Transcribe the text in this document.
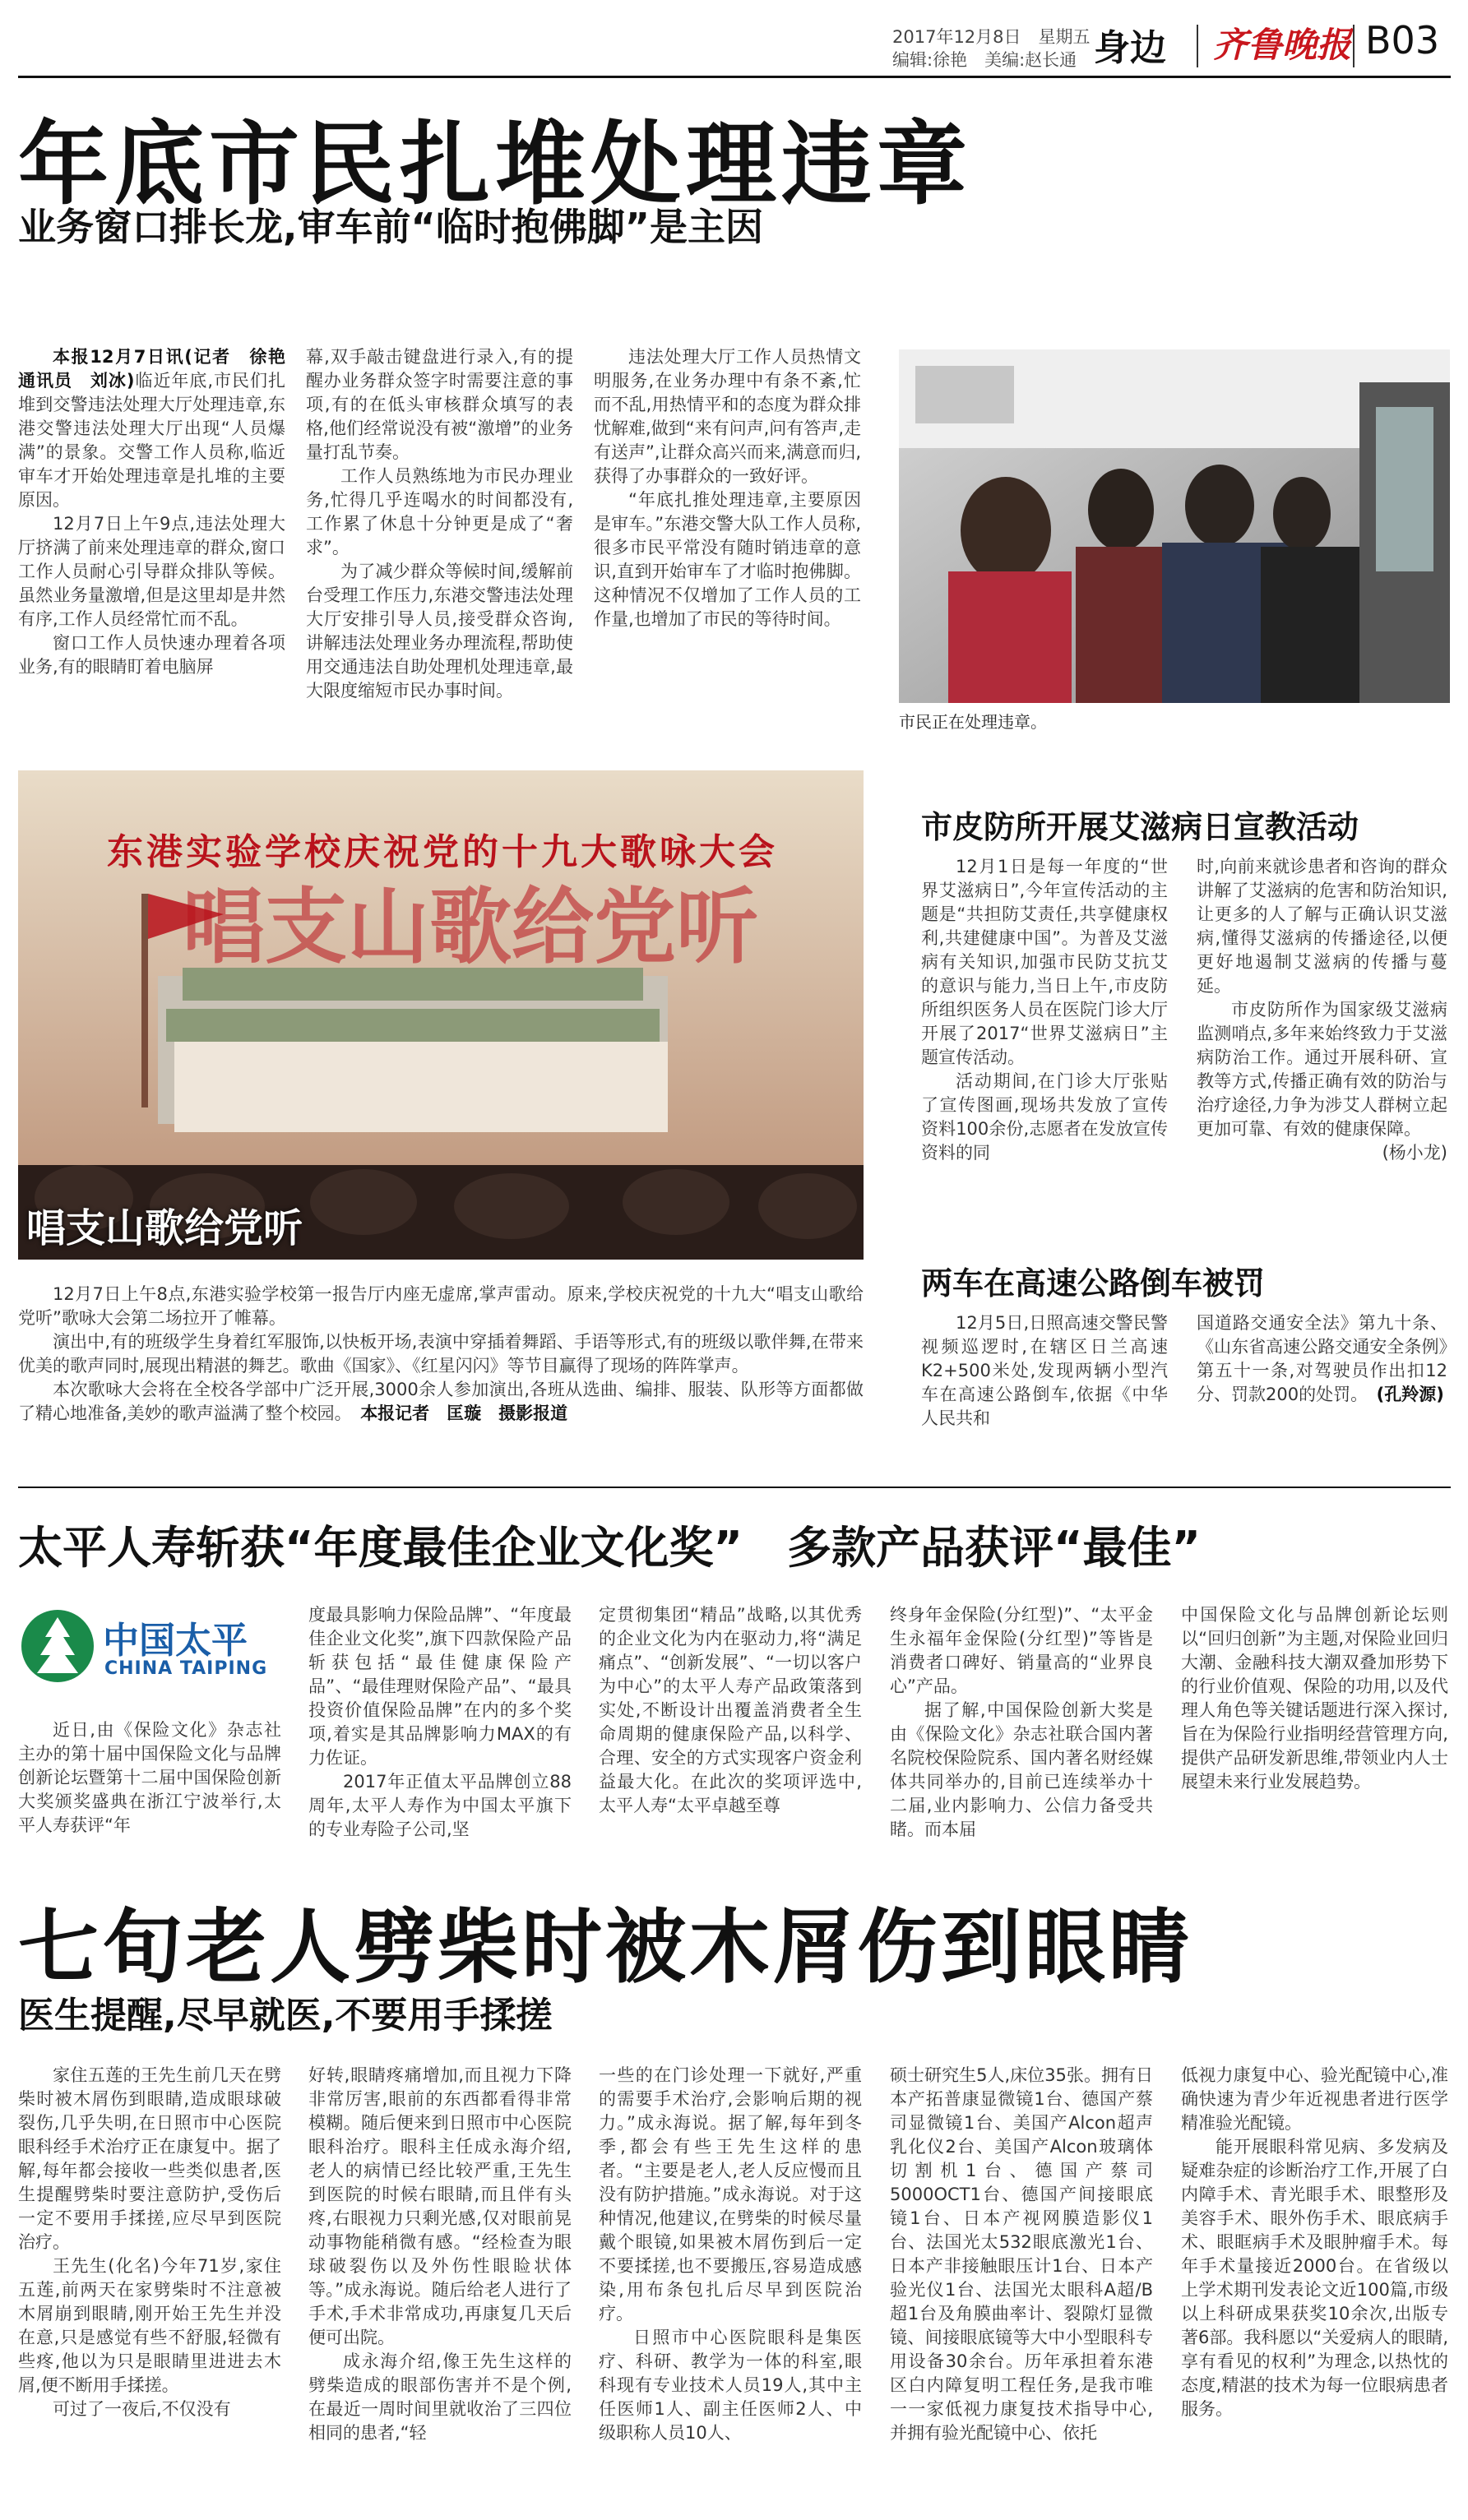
2017年12月8日　星期五
编辑:徐艳　美编:赵长通 身边 齐鲁晚报 B03
年底市民扎堆处理违章
业务窗口排长龙,审车前“临时抱佛脚”是主因

本报12月7日讯(记者　徐艳　通讯员　刘冰)临近年底,市民们扎堆到交警违法处理大厅处理违章,东港交警违法处理大厅出现“人员爆满”的景象。交警工作人员称,临近审车才开始处理违章是扎堆的主要原因。

12月7日上午9点,违法处理大厅挤满了前来处理违章的群众,窗口工作人员耐心引导群众排队等候。虽然业务量激增,但是这里却是井然有序,工作人员经常忙而不乱。

窗口工作人员快速办理着各项业务,有的眼睛盯着电脑屏

幕,双手敲击键盘进行录入,有的提醒办业务群众签字时需要注意的事项,有的在低头审核群众填写的表格,他们经常说没有被“激增”的业务量打乱节奏。

工作人员熟练地为市民办理业务,忙得几乎连喝水的时间都没有,工作累了休息十分钟更是成了“奢求”。

为了减少群众等候时间,缓解前台受理工作压力,东港交警违法处理大厅安排引导人员,接受群众咨询,讲解违法处理业务办理流程,帮助使用交通违法自助处理机处理违章,最大限度缩短市民办事时间。

违法处理大厅工作人员热情文明服务,在业务办理中有条不紊,忙而不乱,用热情平和的态度为群众排忧解难,做到“来有问声,问有答声,走有送声”,让群众高兴而来,满意而归,获得了办事群众的一致好评。

“年底扎推处理违章,主要原因是审车。”东港交警大队工作人员称,很多市民平常没有随时销违章的意识,直到开始审车了才临时抱佛脚。这种情况不仅增加了工作人员的工作量,也增加了市民的等待时间。

市民正在处理违章。
唱支山歌给党听
东港实验学校庆祝党的十九大歌咏大会
唱支山歌给党听

12月7日上午8点,东港实验学校第一报告厅内座无虚席,掌声雷动。原来,学校庆祝党的十九大“唱支山歌给党听”歌咏大会第二场拉开了帷幕。

演出中,有的班级学生身着红军服饰,以快板开场,表演中穿插着舞蹈、手语等形式,有的班级以歌伴舞,在带来优美的歌声同时,展现出精湛的舞艺。歌曲《国家》、《红星闪闪》等节目赢得了现场的阵阵掌声。

本次歌咏大会将在全校各学部中广泛开展,3000余人参加演出,各班从选曲、编排、服装、队形等方面都做了精心地准备,美妙的歌声溢满了整个校园。　 本报记者　匡璇　摄影报道

市皮防所开展艾滋病日宣教活动

12月1日是每一年度的“世界艾滋病日”,今年宣传活动的主题是“共担防艾责任,共享健康权利,共建健康中国”。为普及艾滋病有关知识,加强市民防艾抗艾的意识与能力,当日上午,市皮防所组织医务人员在医院门诊大厅开展了2017“世界艾滋病日”主题宣传活动。

活动期间,在门诊大厅张贴了宣传图画,现场共发放了宣传资料100余份,志愿者在发放宣传资料的同

时,向前来就诊患者和咨询的群众讲解了艾滋病的危害和防治知识,让更多的人了解与正确认识艾滋病,懂得艾滋病的传播途径,以便更好地遏制艾滋病的传播与蔓延。

市皮防所作为国家级艾滋病监测哨点,多年来始终致力于艾滋病防治工作。通过开展科研、宣教等方式,传播正确有效的防治与治疗途径,力争为涉艾人群树立起更加可靠、有效的健康保障。

(杨小龙)

两车在高速公路倒车被罚

12月5日,日照高速交警民警视频巡逻时,在辖区日兰高速K2+500米处,发现两辆小型汽车在高速公路倒车,依据《中华人民共和

国道路交通安全法》第九十条、《山东省高速公路交通安全条例》第五十一条,对驾驶员作出扣12分、罚款200的处罚。　 (孔羚源)

太平人寿斩获“年度最佳企业文化奖”　多款产品获评“最佳”
中国太平
CHINA TAIPING

近日,由《保险文化》杂志社主办的第十届中国保险文化与品牌创新论坛暨第十二届中国保险创新大奖颁奖盛典在浙江宁波举行,太平人寿获评“年

度最具影响力保险品牌”、“年度最佳企业文化奖”,旗下四款保险产品斩获包括“最佳健康保险产品”、“最佳理财保险产品”、“最具投资价值保险品牌”在内的多个奖项,着实是其品牌影响力MAX的有力佐证。

2017年正值太平品牌创立88周年,太平人寿作为中国太平旗下的专业寿险子公司,坚

定贯彻集团“精品”战略,以其优秀的企业文化为内在驱动力,将“满足痛点”、“创新发展”、“一切以客户为中心”的太平人寿产品政策落到实处,不断设计出覆盖消费者全生命周期的健康保险产品,以科学、合理、安全的方式实现客户资金利益最大化。在此次的奖项评选中,太平人寿“太平卓越至尊

终身年金保险(分红型)”、“太平金生永福年金保险(分红型)”等皆是消费者口碑好、销量高的“业界良心”产品。

据了解,中国保险创新大奖是由《保险文化》杂志社联合国内著名院校保险院系、国内著名财经媒体共同举办的,目前已连续举办十二届,业内影响力、公信力备受共睹。而本届

中国保险文化与品牌创新论坛则以“回归创新”为主题,对保险业回归大潮、金融科技大潮双叠加形势下的行业价值观、保险的功用,以及代理人角色等关键话题进行深入探讨,旨在为保险行业指明经营管理方向,提供产品研发新思维,带领业内人士展望未来行业发展趋势。

七旬老人劈柴时被木屑伤到眼睛
医生提醒,尽早就医,不要用手揉搓

家住五莲的王先生前几天在劈柴时被木屑伤到眼睛,造成眼球破裂伤,几乎失明,在日照市中心医院眼科经手术治疗正在康复中。据了解,每年都会接收一些类似患者,医生提醒劈柴时要注意防护,受伤后一定不要用手揉搓,应尽早到医院治疗。

王先生(化名)今年71岁,家住五莲,前两天在家劈柴时不注意被木屑崩到眼睛,刚开始王先生并没在意,只是感觉有些不舒服,轻微有些疼,他以为只是眼睛里进进去木屑,便不断用手揉搓。

可过了一夜后,不仅没有

好转,眼睛疼痛增加,而且视力下降非常厉害,眼前的东西都看得非常模糊。随后便来到日照市中心医院眼科治疗。眼科主任成永海介绍,老人的病情已经比较严重,王先生到医院的时候右眼睛,而且伴有头疼,右眼视力只剩光感,仅对眼前晃动事物能稍微有感。“经检查为眼球破裂伤以及外伤性眼睑状体等。”成永海说。随后给老人进行了手术,手术非常成功,再康复几天后便可出院。

成永海介绍,像王先生这样的劈柴造成的眼部伤害并不是个例,在最近一周时间里就收治了三四位相同的患者,“轻

一些的在门诊处理一下就好,严重的需要手术治疗,会影响后期的视力。”成永海说。据了解,每年到冬季,都会有些王先生这样的患者。“主要是老人,老人反应慢而且没有防护措施。”成永海说。对于这种情况,他建议,在劈柴的时候尽量戴个眼镜,如果被木屑伤到后一定不要揉搓,也不要搬压,容易造成感染,用布条包扎后尽早到医院治疗。

日照市中心医院眼科是集医疗、科研、教学为一体的科室,眼科现有专业技术人员19人,其中主任医师1人、副主任医师2人、中级职称人员10人、

硕士研究生5人,床位35张。拥有日本产拓普康显微镜1台、德国产蔡司显微镜1台、美国产Alcon超声乳化仪2台、美国产Alcon玻璃体切割机1台、德国产蔡司5000OCT1台、德国产间接眼底镜1台、日本产视网膜造影仪1台、法国光太532眼底激光1台、日本产非接触眼压计1台、日本产验光仪1台、法国光太眼科A超/B超1台及角膜曲率计、裂隙灯显微镜、间接眼底镜等大中小型眼科专用设备30余台。历年承担着东港区白内障复明工程任务,是我市唯一一家低视力康复技术指导中心,并拥有验光配镜中心、依托

低视力康复中心、验光配镜中心,准确快速为青少年近视患者进行医学精准验光配镜。

能开展眼科常见病、多发病及疑难杂症的诊断治疗工作,开展了白内障手术、青光眼手术、眼整形及美容手术、眼外伤手术、眼底病手术、眼眶病手术及眼肿瘤手术。每年手术量接近2000台。在省级以上学术期刊发表论文近100篇,市级以上科研成果获奖10余次,出版专著6部。我科愿以“关爱病人的眼睛,享有看见的权利”为理念,以热忱的态度,精湛的技术为每一位眼病患者服务。
